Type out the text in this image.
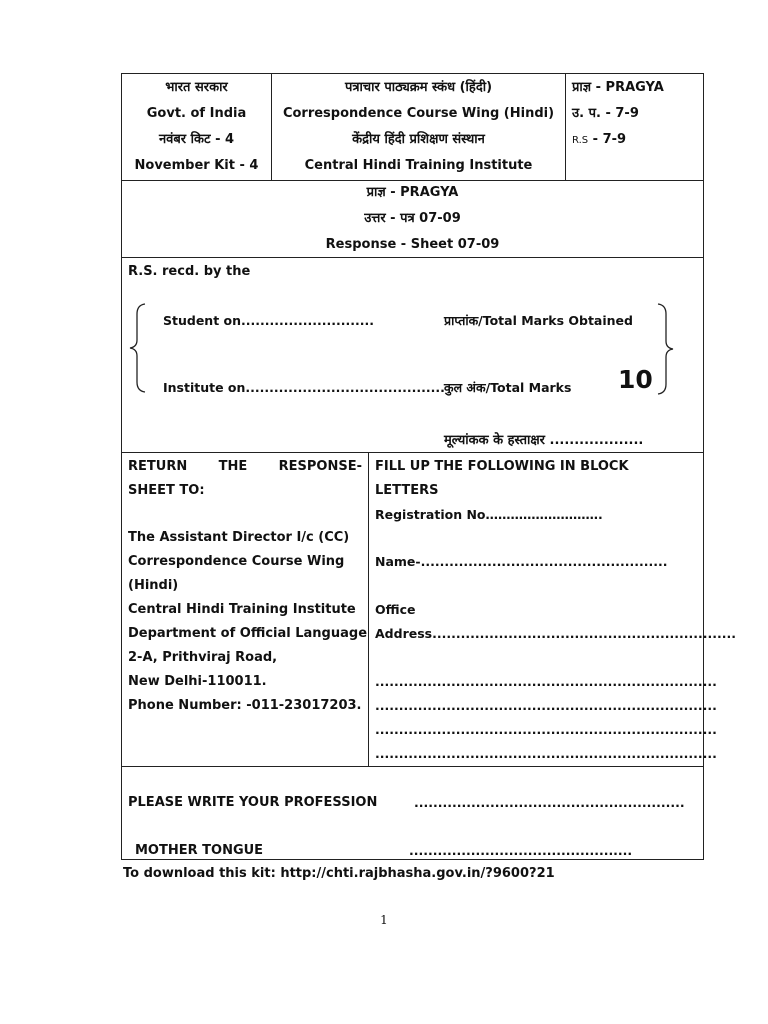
भारत सरकार
Govt. of India
नवंबर किट - 4
November Kit - 4
पत्राचार पाठ्यक्रम स्कंध (हिंदी)
Correspondence Course Wing (Hindi)
केंद्रीय हिंदी प्रशिक्षण संस्थान
Central Hindi Training Institute
प्राज्ञ - PRAGYA
उ. प. - 7-9
R.S - 7-9
प्राज्ञ - PRAGYA
उत्तर - पत्र 07-09
Response - Sheet 07-09
R.S. recd. by the
Student on............................
Institute on..........................................
प्राप्तांक/Total Marks Obtained
कुल अंक/Total Marks 10
मूल्यांकक के हस्ताक्षर ...................
RETURN THE RESPONSE-
SHEET TO:
The Assistant Director I/c (CC)
Correspondence Course Wing
(Hindi)
Central Hindi Training Institute
Department of Official Language
2-A, Prithviraj Road,
New Delhi-110011.
Phone Number: -011-23017203.
FILL UP THE FOLLOWING IN BLOCK
LETTERS
Registration No……………………….
Name-....................................................
Office
Address................................................................
........................................................................
........................................................................
........................................................................
........................................................................
PLEASE WRITE YOUR PROFESSION	.........................................................
MOTHER TONGUE	...............................................
To download this kit: http://chti.rajbhasha.gov.in/?9600?21
1
